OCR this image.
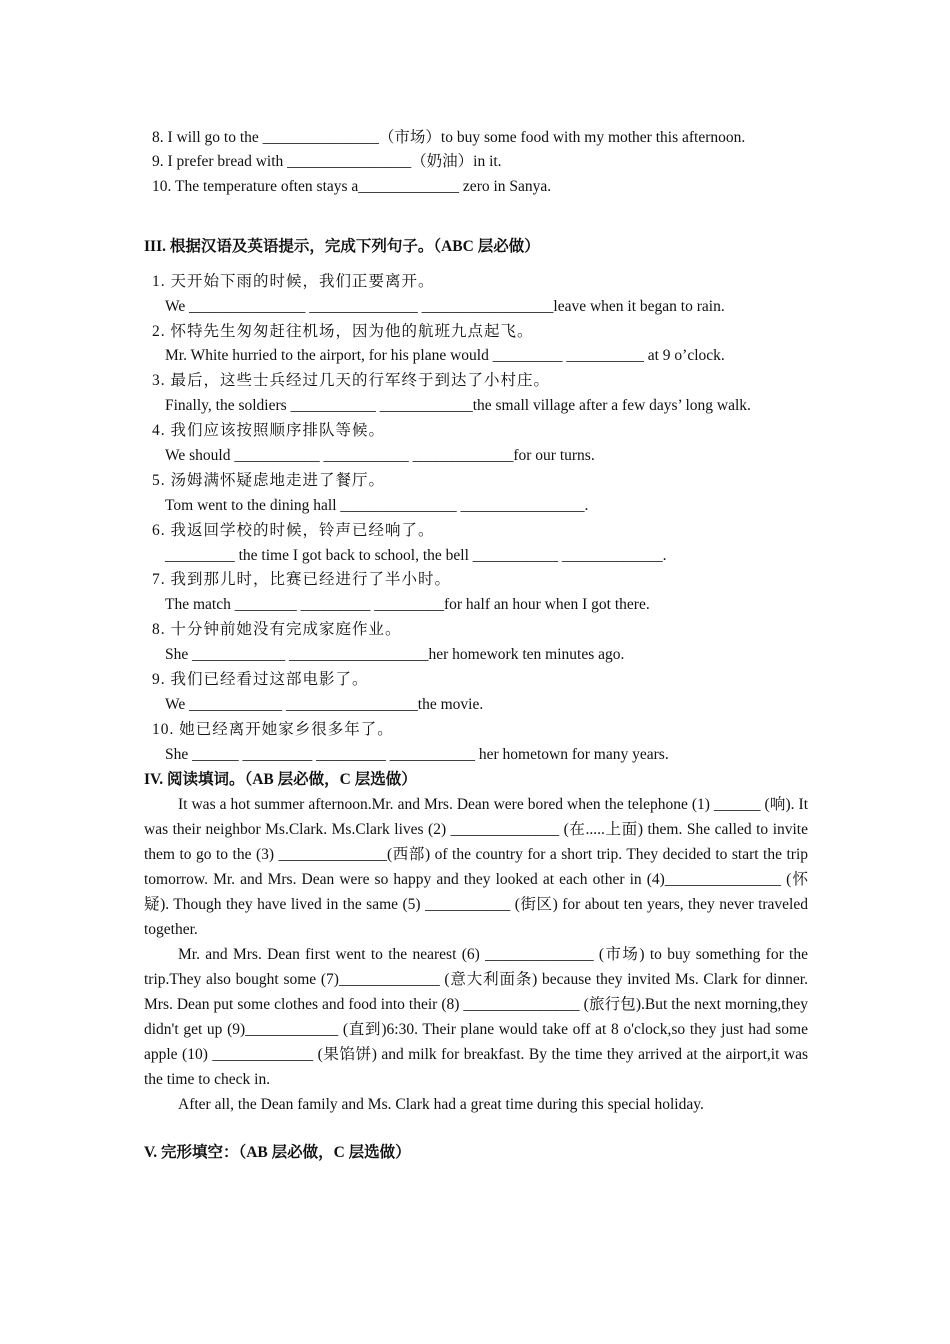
8. I will go to the _______________（市场）to buy some food with my mother this afternoon.
9. I prefer bread with ________________（奶油）in it.
10. The temperature often stays a_____________ zero in Sanya.
III. 根据汉语及英语提示，完成下列句子。（ABC 层必做）
1. 天开始下雨的时候，我们正要离开。
We _______________ ______________ _________________leave when it began to rain.
2. 怀特先生匆匆赶往机场，因为他的航班九点起飞。
Mr. White hurried to the airport, for his plane would _________ __________ at 9 o’clock.
3. 最后，这些士兵经过几天的行军终于到达了小村庄。
Finally, the soldiers ___________ ____________the small village after a few days’ long walk.
4. 我们应该按照顺序排队等候。
We should ___________ ___________ _____________for our turns.
5. 汤姆满怀疑虑地走进了餐厅。
Tom went to the dining hall _______________ ________________.
6. 我返回学校的时候，铃声已经响了。
_________ the time I got back to school, the bell ___________ _____________.
7. 我到那儿时，比赛已经进行了半小时。
The match ________ _________ _________for half an hour when I got there.
8. 十分钟前她没有完成家庭作业。
She ____________ __________________her homework ten minutes ago.
9. 我们已经看过这部电影了。
We ____________ _________________the movie.
10. 她已经离开她家乡很多年了。
She ______ _________ _________ ___________ her hometown for many years.
IV. 阅读填词。（AB 层必做，C 层选做）
It was a hot summer afternoon.Mr. and Mrs. Dean were bored when the telephone (1) ______ (响). It was their neighbor Ms.Clark. Ms.Clark lives (2) ______________ (在.....上面) them. She called to invite them to go to the (3) ______________(西部) of the country for a short trip. They decided to start the trip tomorrow. Mr. and Mrs. Dean were so happy and they looked at each other in (4)_______________ (怀疑). Though they have lived in the same (5) ___________ (街区) for about ten years, they never traveled together.
Mr. and Mrs. Dean first went to the nearest (6) ______________ (市场) to buy something for the trip.They also bought some (7)_____________ (意大利面条) because they invited Ms. Clark for dinner. Mrs. Dean put some clothes and food into their (8) _______________ (旅行包).But the next morning,they didn't get up (9)____________ (直到)6:30. Their plane would take off at 8 o'clock,so they just had some apple (10) _____________ (果馅饼) and milk for breakfast. By the time they arrived at the airport,it was the time to check in.
After all, the Dean family and Ms. Clark had a great time during this special holiday.
V. 完形填空：（AB 层必做，C 层选做）
